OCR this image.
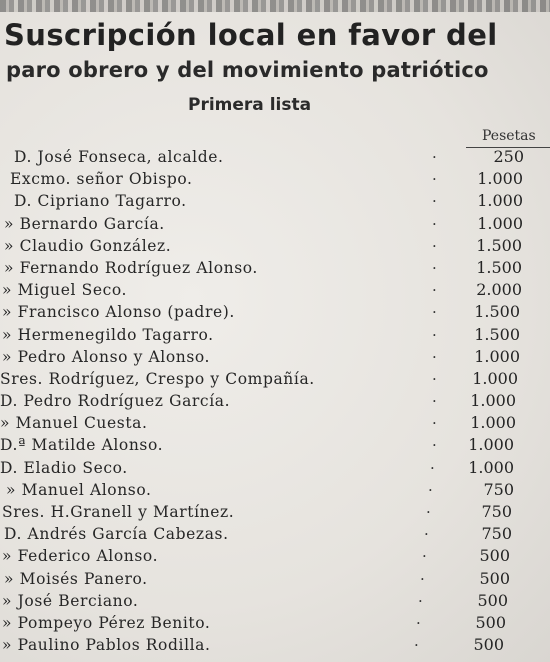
Suscripción local en favor del
paro obrero y del movimiento patriótico
Primera lista
Pesetas
D. José Fonseca, alcalde.	·	250
Excmo. señor Obispo.	·	1.000
D. Cipriano Tagarro.	·	1.000
» Bernardo García.	·	1.000
» Claudio González.	·	1.500
» Fernando Rodríguez Alonso.	·	1.500
» Miguel Seco.	·	2.000
» Francisco Alonso (padre).	·	1.500
» Hermenegildo Tagarro.	·	1.500
» Pedro Alonso y Alonso.	·	1.000
Sres. Rodríguez, Crespo y Compañía.	·	1.000
D. Pedro Rodríguez García.	·	1.000
» Manuel Cuesta.	·	1.000
D.ª Matilde Alonso.	·	1.000
D. Eladio Seco.	·	1.000
» Manuel Alonso.	·	750
Sres. H.Granell y Martínez.	·	750
D. Andrés García Cabezas.	·	750
» Federico Alonso.	·	500
» Moisés Panero.	·	500
» José Berciano.	·	500
» Pompeyo Pérez Benito.	·	500
» Paulino Pablos Rodilla.	·	500
